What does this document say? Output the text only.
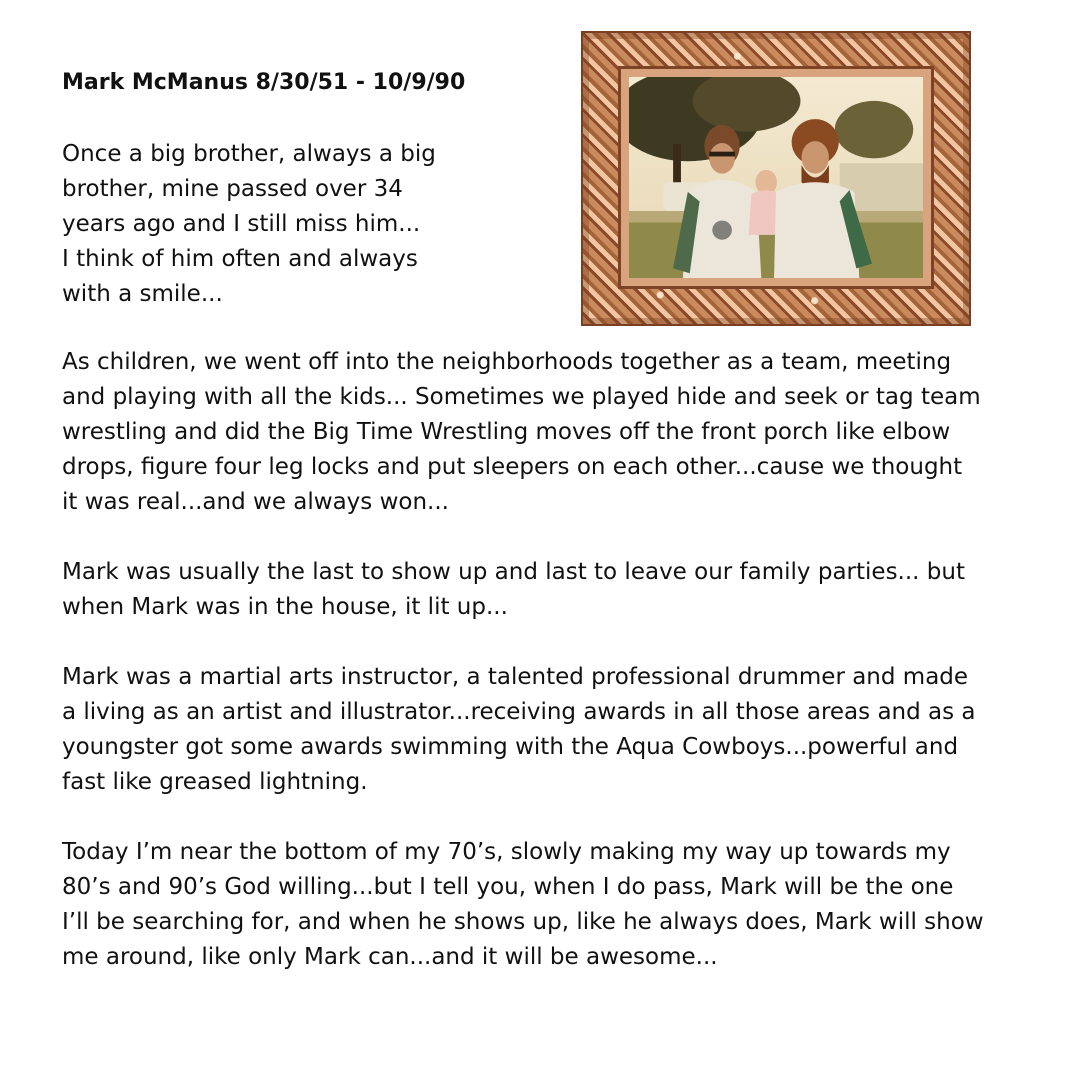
Mark McManus 8/30/51 - 10/9/90

Once a big brother, always a big
brother, mine passed over 34
years ago and I still miss him...
I think of him often and always
with a smile...

As children, we went off into the neighborhoods together as a team, meeting
and playing with all the kids... Sometimes we played hide and seek or tag team
wrestling and did the Big Time Wrestling moves off the front porch like elbow
drops, figure four leg locks and put sleepers on each other...cause we thought
it was real...and we always won...

Mark was usually the last to show up and last to leave our family parties... but
when Mark was in the house, it lit up...

Mark was a martial arts instructor, a talented professional drummer and made
a living as an artist and illustrator...receiving awards in all those areas and as a
youngster got some awards swimming with the Aqua Cowboys...powerful and
fast like greased lightning.

Today I’m near the bottom of my 70’s, slowly making my way up towards my
80’s and 90’s God willing...but I tell you, when I do pass, Mark will be the one
I’ll be searching for, and when he shows up, like he always does, Mark will show
me around, like only Mark can...and it will be awesome...
